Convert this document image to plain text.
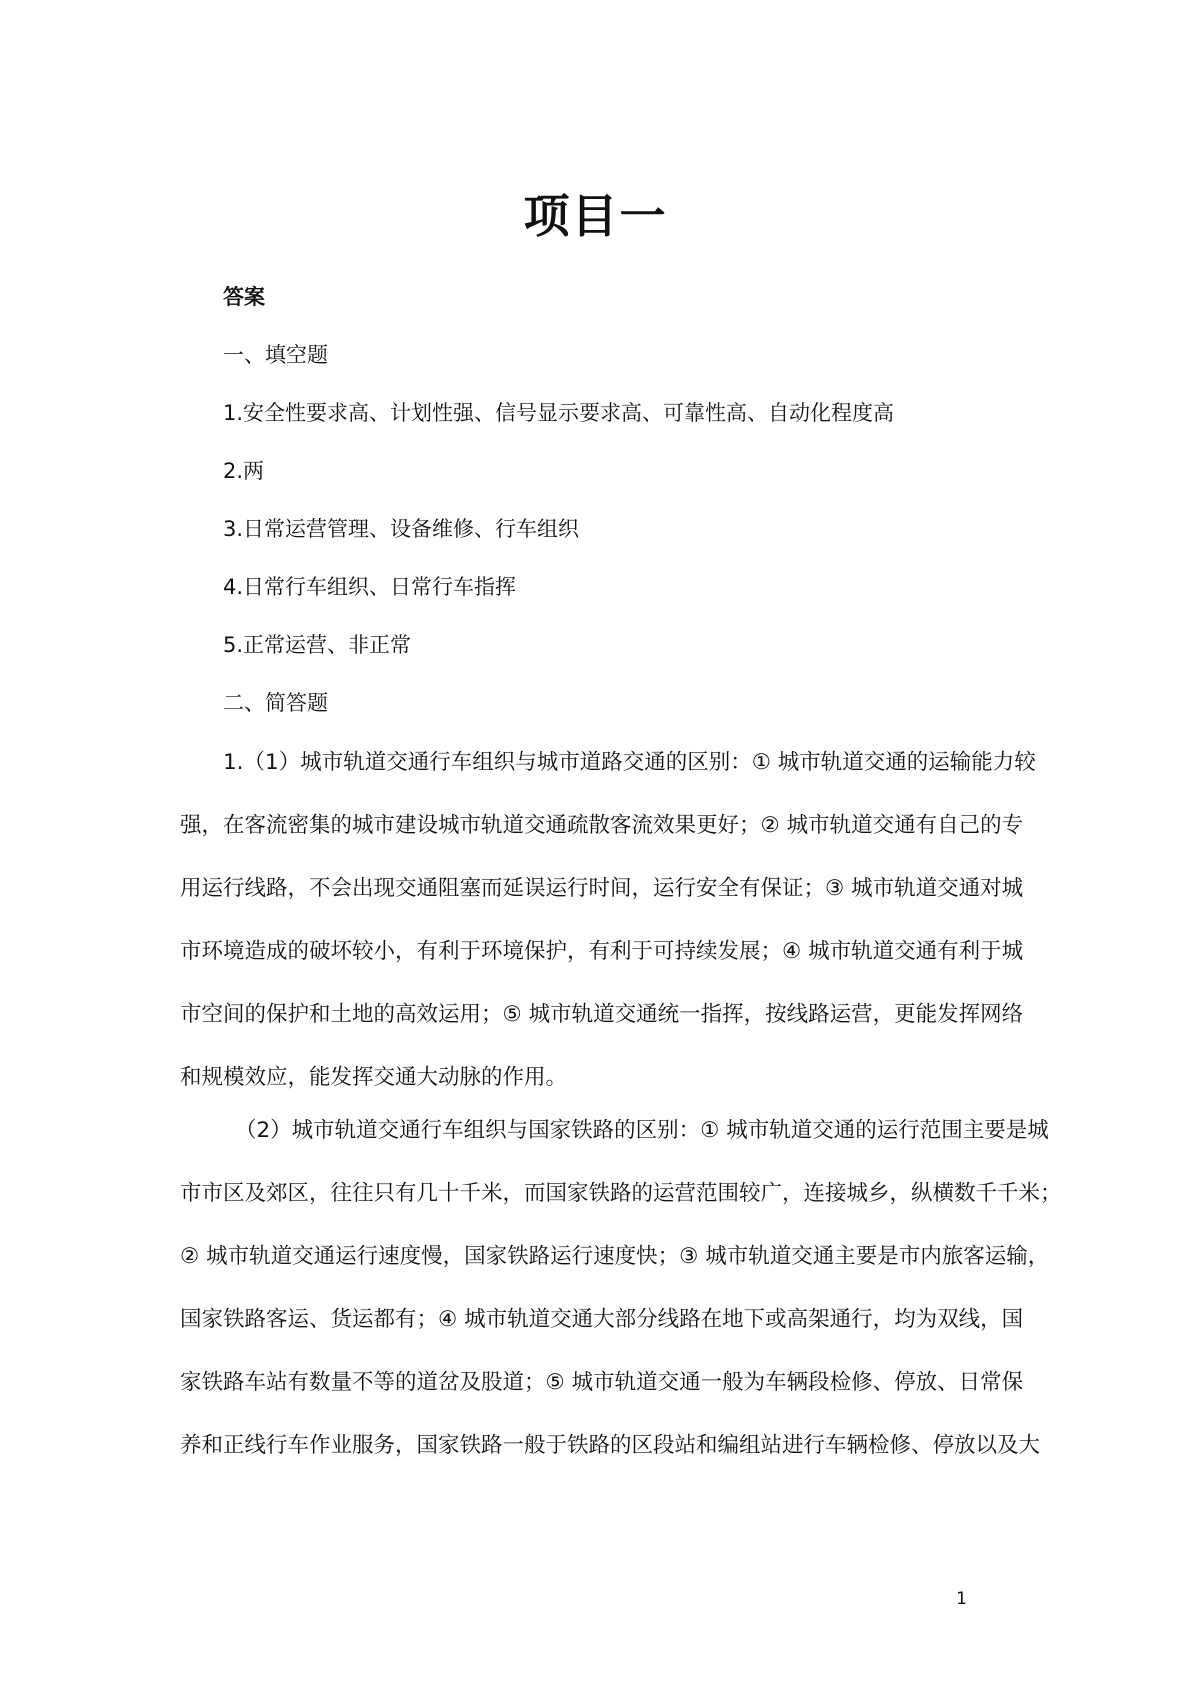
项目一
答案
一、填空题
1.安全性要求高、计划性强、信号显示要求高、可靠性高、自动化程度高
2.两
3.日常运营管理、设备维修、行车组织
4.日常行车组织、日常行车指挥
5.正常运营、非正常
二、简答题
1.（1）城市轨道交通行车组织与城市道路交通的区别：① 城市轨道交通的运输能力较
强，在客流密集的城市建设城市轨道交通疏散客流效果更好；② 城市轨道交通有自己的专
用运行线路，不会出现交通阻塞而延误运行时间，运行安全有保证；③ 城市轨道交通对城
市环境造成的破坏较小，有利于环境保护，有利于可持续发展；④ 城市轨道交通有利于城
市空间的保护和土地的高效运用；⑤ 城市轨道交通统一指挥，按线路运营，更能发挥网络
和规模效应，能发挥交通大动脉的作用。
（2）城市轨道交通行车组织与国家铁路的区别：① 城市轨道交通的运行范围主要是城
市市区及郊区，往往只有几十千米，而国家铁路的运营范围较广，连接城乡，纵横数千千米；
② 城市轨道交通运行速度慢，国家铁路运行速度快；③ 城市轨道交通主要是市内旅客运输，
国家铁路客运、货运都有；④ 城市轨道交通大部分线路在地下或高架通行，均为双线，国
家铁路车站有数量不等的道岔及股道；⑤ 城市轨道交通一般为车辆段检修、停放、日常保
养和正线行车作业服务，国家铁路一般于铁路的区段站和编组站进行车辆检修、停放以及大
1
